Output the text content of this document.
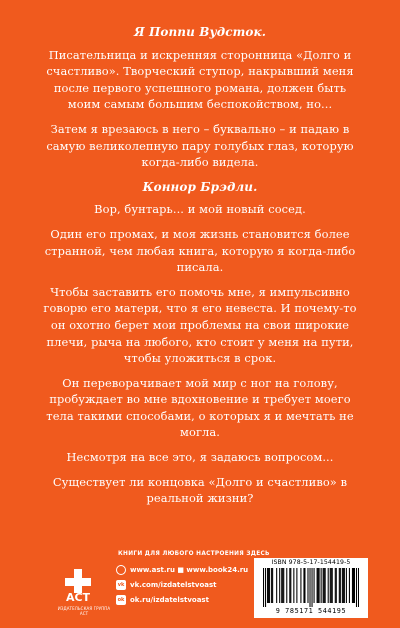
Я Поппи Вудсток.

Писательница и искренняя сторонница «Долго и счастливо». Творческий ступор, накрывший меня после первого успешного романа, должен быть моим самым большим беспокойством, но...

Затем я врезаюсь в него – буквально – и падаю в самую великолепную пару голубых глаз, которую когда-либо видела.

Коннор Брэдли.

Вор, бунтарь... и мой новый сосед.

Один его промах, и моя жизнь становится более странной, чем любая книга, которую я когда-либо писала.

Чтобы заставить его помочь мне, я импульсивно говорю его матери, что я его невеста. И почему-то он охотно берет мои проблемы на свои широкие плечи, рыча на любого, кто стоит у меня на пути, чтобы уложиться в срок.

Он переворачивает мой мир с ног на голову, пробуждает во мне вдохновение и требует моего тела такими способами, о которых я и мечтать не могла.

Несмотря на все это, я задаюсь вопросом...

Существует ли концовка «Долго и счастливо» в реальной жизни?

КНИГИ ДЛЯ ЛЮБОГО НАСТРОЕНИЯ ЗДЕСЬ
АСТ
ИЗДАТЕЛЬСКАЯ ГРУППА АСТ
www.ast.ru ■ www.book24.ru
vk vk.com/izdatelstvoast
ok ok.ru/izdatelstvoast
ISBN 978-5-17-154419-5
9 785171 544195
